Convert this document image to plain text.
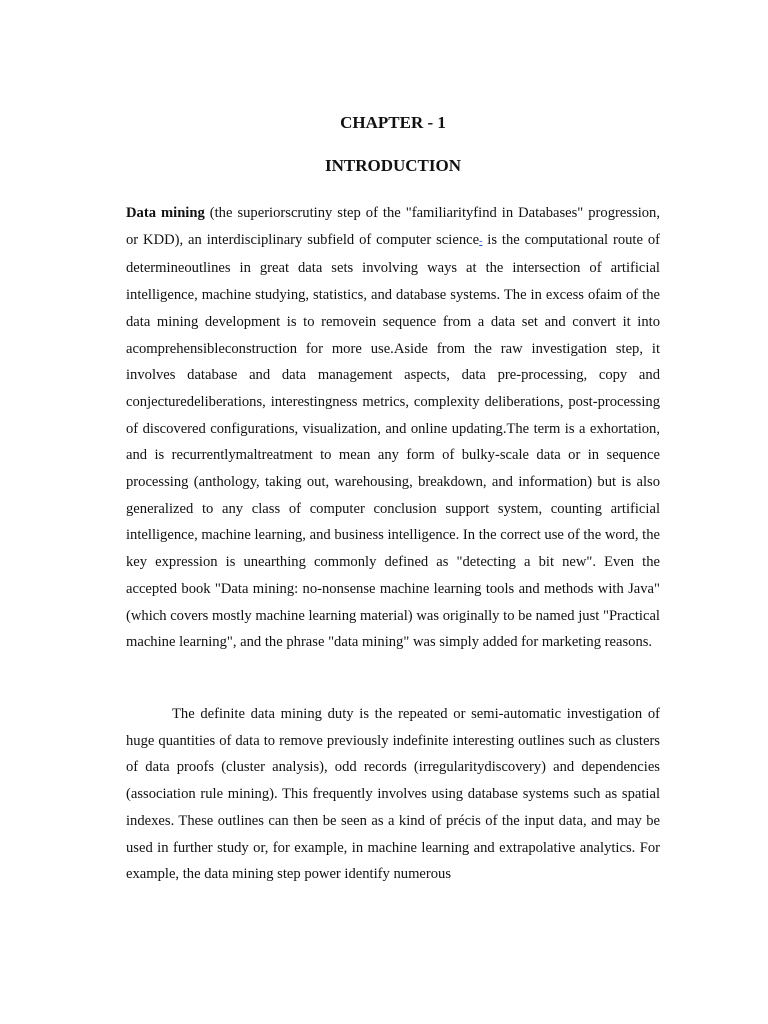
CHAPTER - 1
INTRODUCTION

Data mining (the superiorscrutiny step of the "familiarityfind in Databases" progression, or KDD), an interdisciplinary subfield of computer science- is the computational route of determineoutlines in great data sets involving ways at the intersection of artificial intelligence, machine studying, statistics, and database systems. The in excess ofaim of the data mining development is to removein sequence from a data set and convert it into acomprehensibleconstruction for more use.Aside from the raw investigation step, it involves database and data management aspects, data pre-processing, copy and conjecturedeliberations, interestingness metrics, complexity deliberations, post-processing of discovered configurations, visualization, and online updating.The term is a exhortation, and is recurrentlymaltreatment to mean any form of bulky-scale data or in sequence processing (anthology, taking out, warehousing, breakdown, and information) but is also generalized to any class of computer conclusion support system, counting artificial intelligence, machine learning, and business intelligence. In the correct use of the word, the key expression is unearthing commonly defined as "detecting a bit new". Even the accepted book "Data mining: no-nonsense machine learning tools and methods with Java" (which covers mostly machine learning material) was originally to be named just "Practical machine learning", and the phrase "data mining" was simply added for marketing reasons.

The definite data mining duty is the repeated or semi-automatic investigation of huge quantities of data to remove previously indefinite interesting outlines such as clusters of data proofs (cluster analysis), odd records (irregularitydiscovery) and dependencies (association rule mining). This frequently involves using database systems such as spatial indexes. These outlines can then be seen as a kind of précis of the input data, and may be used in further study or, for example, in machine learning and extrapolative analytics. For example, the data mining step power identify numerous
